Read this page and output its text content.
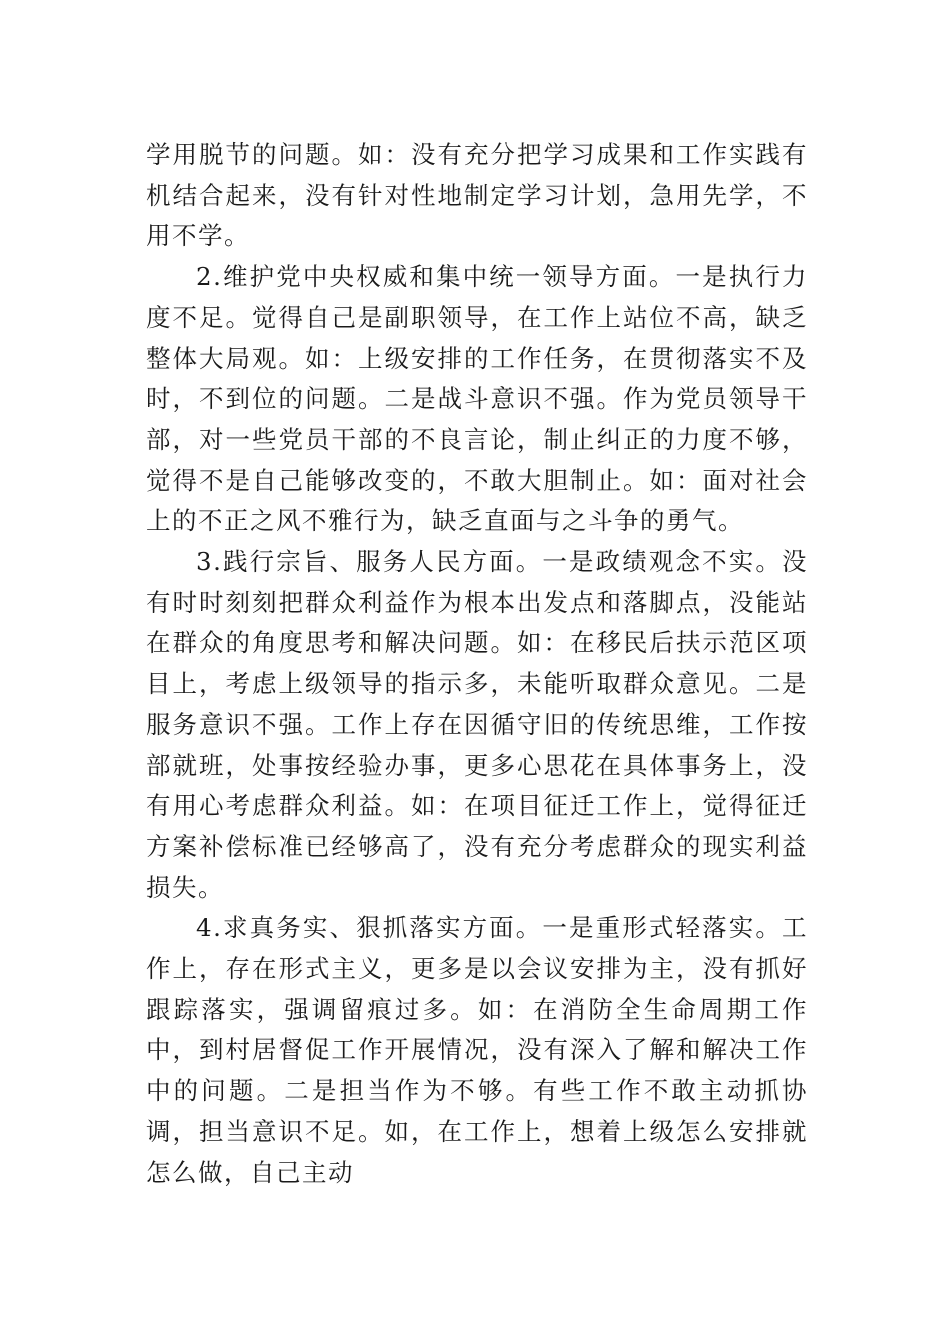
学用脱节的问题。如：没有充分把学习成果和工作实践有机结合起来，没有针对性地制定学习计划，急用先学，不用不学。

2.维护党中央权威和集中统一领导方面。一是执行力度不足。觉得自己是副职领导，在工作上站位不高，缺乏整体大局观。如：上级安排的工作任务，在贯彻落实不及时，不到位的问题。二是战斗意识不强。作为党员领导干部，对一些党员干部的不良言论，制止纠正的力度不够，觉得不是自己能够改变的，不敢大胆制止。如：面对社会上的不正之风不雅行为，缺乏直面与之斗争的勇气。

3.践行宗旨、服务人民方面。一是政绩观念不实。没有时时刻刻把群众利益作为根本出发点和落脚点，没能站在群众的角度思考和解决问题。如：在移民后扶示范区项目上，考虑上级领导的指示多，未能听取群众意见。二是服务意识不强。工作上存在因循守旧的传统思维，工作按部就班，处事按经验办事，更多心思花在具体事务上，没有用心考虑群众利益。如：在项目征迁工作上，觉得征迁方案补偿标准已经够高了，没有充分考虑群众的现实利益损失。

4.求真务实、狠抓落实方面。一是重形式轻落实。工作上，存在形式主义，更多是以会议安排为主，没有抓好跟踪落实，强调留痕过多。如：在消防全生命周期工作中，到村居督促工作开展情况，没有深入了解和解决工作中的问题。二是担当作为不够。有些工作不敢主动抓协调，担当意识不足。如，在工作上，想着上级怎么安排就怎么做，自己主动
